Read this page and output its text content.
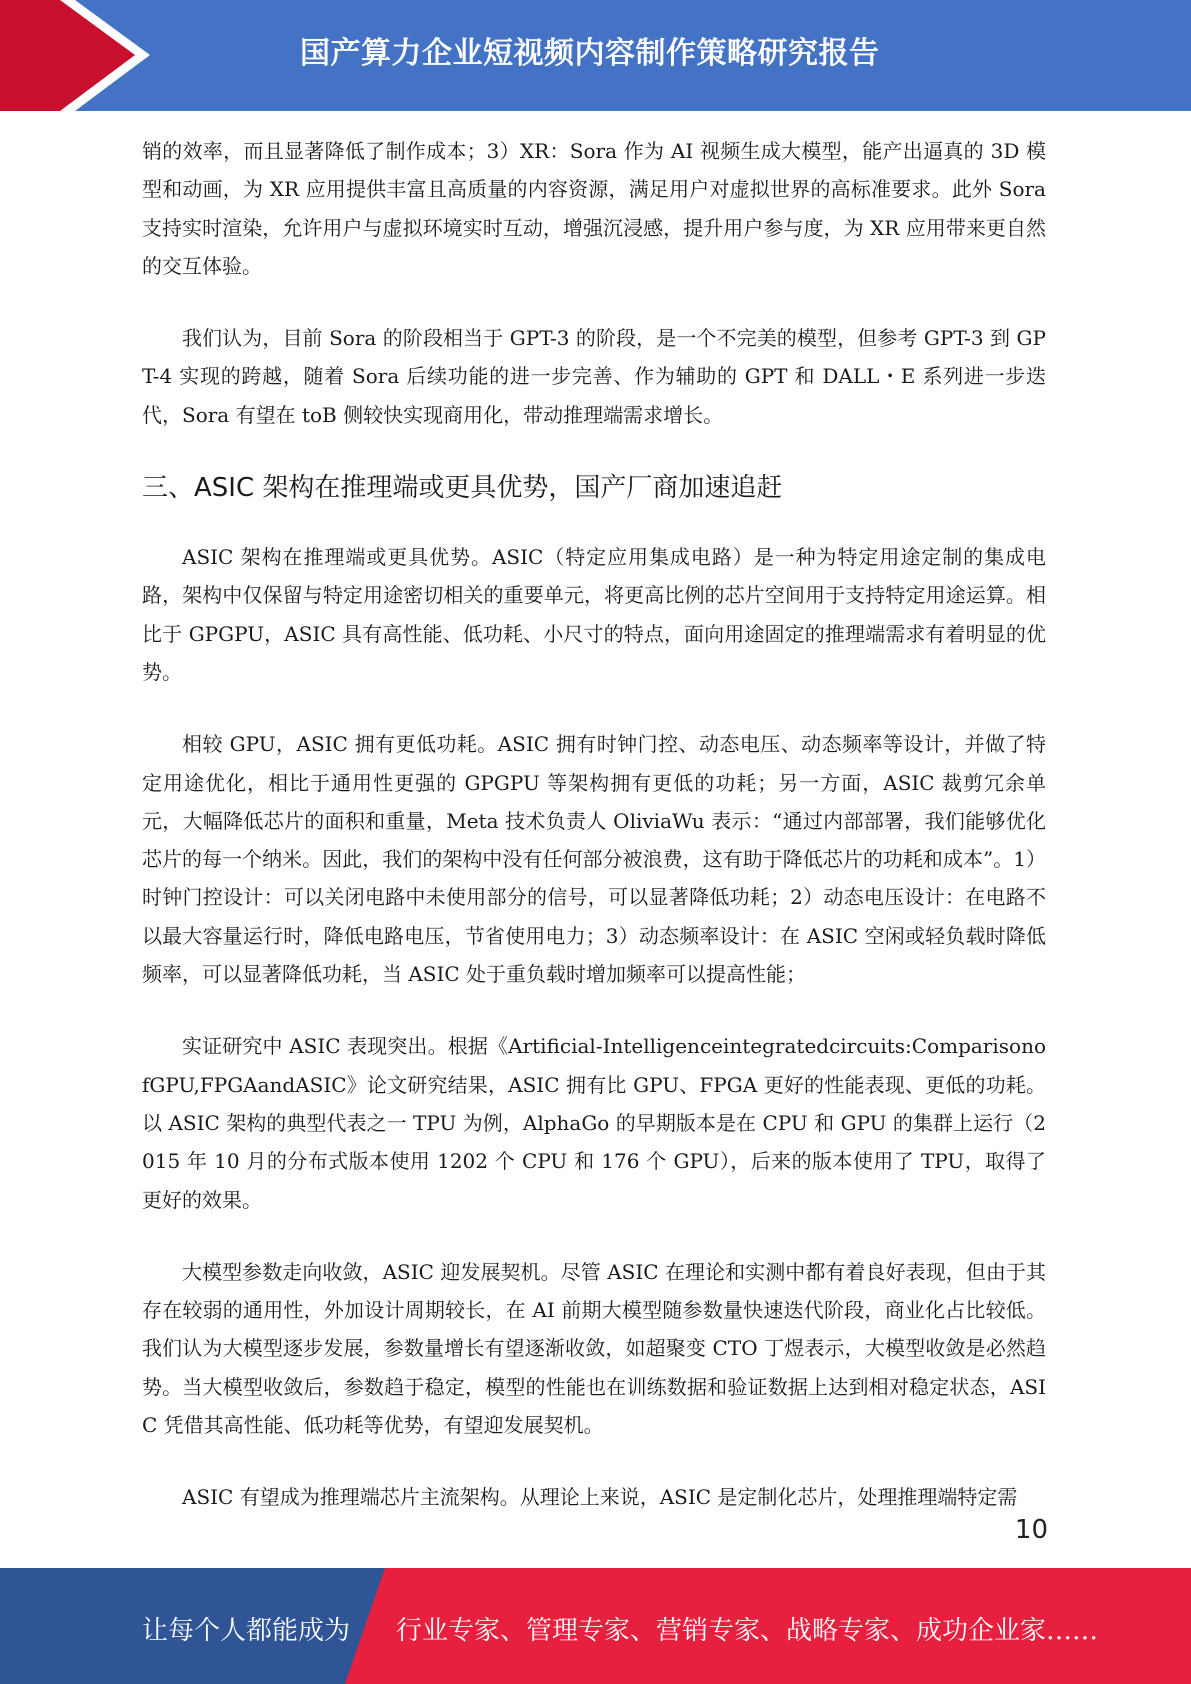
国产算力企业短视频内容制作策略研究报告

销的效率，而且显著降低了制作成本；3）XR：Sora 作为 AI 视频生成大模型，能产出逼真的 3D 模型和动画，为 XR 应用提供丰富且高质量的内容资源，满足用户对虚拟世界的高标准要求。此外 Sora 支持实时渲染，允许用户与虚拟环境实时互动，增强沉浸感，提升用户参与度，为 XR 应用带来更自然的交互体验。

我们认为，目前 Sora 的阶段相当于 GPT-3 的阶段，是一个不完美的模型，但参考 GPT-3 到 GPT-4 实现的跨越，随着 Sora 后续功能的进一步完善、作为辅助的 GPT 和 DALL・E 系列进一步迭代，Sora 有望在 toB 侧较快实现商用化，带动推理端需求增长。

三、ASIC 架构在推理端或更具优势，国产厂商加速追赶

ASIC 架构在推理端或更具优势。ASIC（特定应用集成电路）是一种为特定用途定制的集成电路，架构中仅保留与特定用途密切相关的重要单元，将更高比例的芯片空间用于支持特定用途运算。相比于 GPGPU，ASIC 具有高性能、低功耗、小尺寸的特点，面向用途固定的推理端需求有着明显的优势。

相较 GPU，ASIC 拥有更低功耗。ASIC 拥有时钟门控、动态电压、动态频率等设计，并做了特定用途优化，相比于通用性更强的 GPGPU 等架构拥有更低的功耗；另一方面，ASIC 裁剪冗余单元，大幅降低芯片的面积和重量，Meta 技术负责人 OliviaWu 表示：“通过内部部署，我们能够优化芯片的每一个纳米。因此，我们的架构中没有任何部分被浪费，这有助于降低芯片的功耗和成本”。1）时钟门控设计：可以关闭电路中未使用部分的信号，可以显著降低功耗；2）动态电压设计：在电路不以最大容量运行时，降低电路电压，节省使用电力；3）动态频率设计：在 ASIC 空闲或轻负载时降低频率，可以显著降低功耗，当 ASIC 处于重负载时增加频率可以提高性能；

实证研究中 ASIC 表现突出。根据《Artificial-Intelligenceintegratedcircuits:ComparisonofGPU,FPGAandASIC》论文研究结果，ASIC 拥有比 GPU、FPGA 更好的性能表现、更低的功耗。以 ASIC 架构的典型代表之一 TPU 为例，AlphaGo 的早期版本是在 CPU 和 GPU 的集群上运行（2015 年 10 月的分布式版本使用 1202 个 CPU 和 176 个 GPU），后来的版本使用了 TPU，取得了更好的效果。

大模型参数走向收敛，ASIC 迎发展契机。尽管 ASIC 在理论和实测中都有着良好表现，但由于其存在较弱的通用性，外加设计周期较长，在 AI 前期大模型随参数量快速迭代阶段，商业化占比较低。我们认为大模型逐步发展，参数量增长有望逐渐收敛，如超聚变 CTO 丁煜表示，大模型收敛是必然趋势。当大模型收敛后，参数趋于稳定，模型的性能也在训练数据和验证数据上达到相对稳定状态，ASIC 凭借其高性能、低功耗等优势，有望迎发展契机。

ASIC 有望成为推理端芯片主流架构。从理论上来说，ASIC 是定制化芯片，处理推理端特定需

10
让每个人都能成为 行业专家、管理专家、营销专家、战略专家、成功企业家……
